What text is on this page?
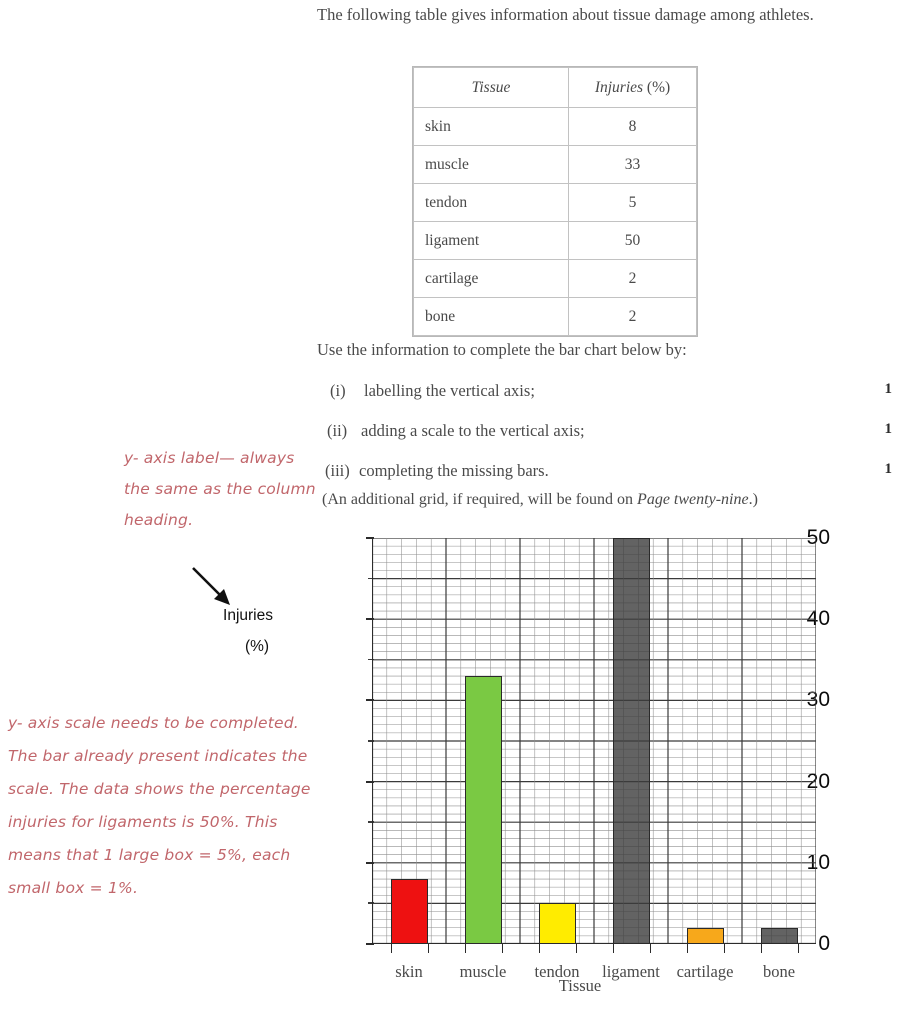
The following table gives information about tissue damage among athletes.
Tissue	Injuries (%)
skin	8
muscle	33
tendon	5
ligament	50
cartilage	2
bone	2
Use the information to complete the bar chart below by:
(i) labelling the vertical axis;	1
(ii) adding a scale to the vertical axis;	1
(iii) completing the missing bars.	1
(An additional grid, if required, will be found on Page twenty-nine.)
y- axis label— always the same as the column heading.
y- axis scale needs to be completed. The bar already present indicates the scale. The data shows the percentage injuries for ligaments is 50%. This means that 1 large box = 5%, each small box = 1%.
Injuries
(%)
0
10
20
30
40
50
skin muscle tendon ligament cartilage bone
Tissue
